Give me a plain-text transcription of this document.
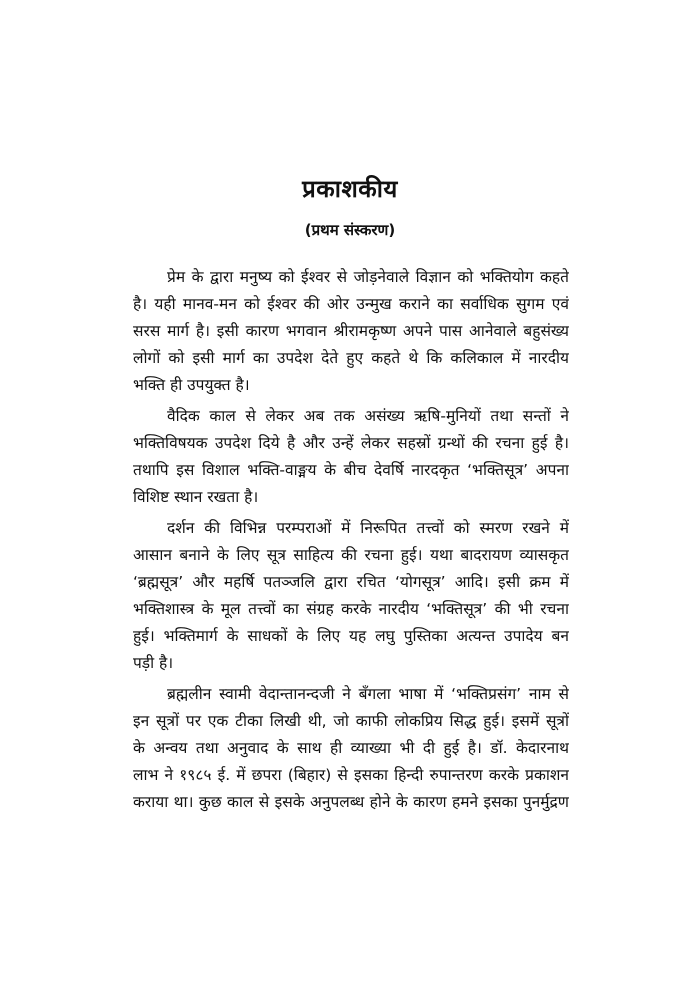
प्रकाशकीय
(प्रथम संस्करण)
प्रेम के द्वारा मनुष्य को ईश्वर से जोड़नेवाले विज्ञान को भक्तियोग कहते
है। यही मानव-मन को ईश्वर की ओर उन्मुख कराने का सर्वाधिक सुगम एवं
सरस मार्ग है। इसी कारण भगवान श्रीरामकृष्ण अपने पास आनेवाले बहुसंख्य
लोगों को इसी मार्ग का उपदेश देते हुए कहते थे कि कलिकाल में नारदीय
भक्ति ही उपयुक्त है।
वैदिक काल से लेकर अब तक असंख्य ऋषि-मुनियों तथा सन्तों ने
भक्तिविषयक उपदेश दिये है और उन्हें लेकर सहस्रों ग्रन्थों की रचना हुई है।
तथापि इस विशाल भक्ति-वाङ्मय के बीच देवर्षि नारदकृत ‘भक्तिसूत्र’ अपना
विशिष्ट स्थान रखता है।
दर्शन की विभिन्न परम्पराओं में निरूपित तत्त्वों को स्मरण रखने में
आसान बनाने के लिए सूत्र साहित्य की रचना हुई। यथा बादरायण व्यासकृत
‘ब्रह्मसूत्र’ और महर्षि पतञ्जलि द्वारा रचित ‘योगसूत्र’ आदि। इसी क्रम में
भक्तिशास्त्र के मूल तत्त्वों का संग्रह करके नारदीय ‘भक्तिसूत्र’ की भी रचना
हुई। भक्तिमार्ग के साधकों के लिए यह लघु पुस्तिका अत्यन्त उपादेय बन
पड़ी है।
ब्रह्मलीन स्वामी वेदान्तानन्दजी ने बँगला भाषा में ‘भक्तिप्रसंग’ नाम से
इन सूत्रों पर एक टीका लिखी थी, जो काफी लोकप्रिय सिद्ध हुई। इसमें सूत्रों
के अन्वय तथा अनुवाद के साथ ही व्याख्या भी दी हुई है। डॉ. केदारनाथ
लाभ ने १९८५ ई. में छपरा (बिहार) से इसका हिन्दी रुपान्तरण करके प्रकाशन
कराया था। कुछ काल से इसके अनुपलब्ध होने के कारण हमने इसका पुनर्मुद्रण
